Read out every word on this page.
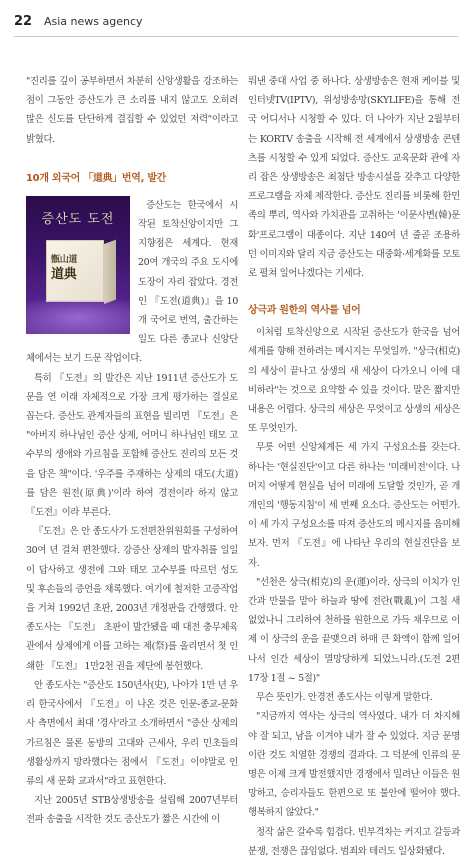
22 Asia news agency

"진리를 깊이 공부하면서 차분히 신앙생활을 강조하는 점이 그동안 증산도가 큰 소리를 내지 않고도 오히려 많은 신도를 단단하게 결집할 수 있었던 저력"이라고 밝혔다.

10개 외국어 「道典」번역, 발간
증산도 도전
甑山道
道典

증산도는 한국에서 시작된 토착신앙이지만 그 지향점은 세계다. 현재 20여 개국의 주요 도시에 도장이 자리 잡았다. 경전인 『도전(道典)』을 10개 국어로 번역, 출간하는 일도 다른 종교나 신앙단체에서는 보기 드문 작업이다.

특히 『도전』의 발간은 지난 1911년 증산도가 도문을 연 이래 자체적으로 가장 크게 평가하는 결실로 꼽는다. 증산도 관계자들의 표현을 빌리면 『도전』은 "아버지 하나님인 증산 상제, 어머니 하나님인 태모 고수부의 생애와 가르침을 포함해 증산도 진리의 모든 것을 담은 책"이다. '우주를 주재하는 상제의 대도(大道)를 담은 원전(原典)'이라 하여 경전이라 하지 않고 『도전』이라 부른다.

『도전』은 안 종도사가 도전편찬위원회를 구성하여 30여 년 걸쳐 편찬했다. 강증산 상제의 발자취를 일일이 답사하고 생전에 그와 태모 고수부를 따르던 성도 및 후손들의 증언을 채록했다. 여기에 철저한 고증작업을 거쳐 1992년 초판, 2003년 개정판을 간행했다. 안 종도사는 『도전』 초판이 발간됐을 때 대전 충무체육관에서 상제에게 이를 고하는 제(祭)를 올리면서 첫 인쇄한 『도전』 1만2천 권을 제단에 봉헌했다.

안 종도사는 "증산도 150년사(史), 나아가 1만 년 우리 한국사에서 『도전』이 나온 것은 인문-종교-문화사 측면에서 최대 '경사'라고 소개하면서 "증산 상제의 가르침은 물론 동방의 고대와 근세사, 우리 민초들의 생활상까지 망라했다는 점에서 『도전』이야말로 인류의 새 문화 교과서"라고 표현한다.

지난 2005년 STB상생방송을 설립해 2007년부터 전파 송출을 시작한 것도 증산도가 짧은 시간에 이

뤄낸 중대 사업 중 하나다. 상생방송은 현재 케이블 및 인터넷TV(IPTV), 위성방송망(SKYLIFE)을 통해 전국 어디서나 시청할 수 있다. 더 나아가 지난 2월부터는 KORTV 송출을 시작해 전 세계에서 상생방송 콘텐츠를 시청할 수 있게 되었다. 증산도 교육문화 관에 자리 잡은 상생방송은 최첨단 방송시설을 갖추고 다양한 프로그램을 자체 제작한다. 증산도 진리를 비롯해 한민족의 뿌리, 역사와 가치관을 고취하는 '이문사변(韓)문화'프로그램이 대종이다. 지난 140여 년 줄곧 조용하던 이미지와 달리 지금 증산도는 대중화·세계화를 모토로 펼쳐 일어나겠다는 기세다.

상극과 원한의 역사를 넘어

이처럼 토착신앙으로 시작된 증산도가 한국을 넘어 세계를 향해 전하려는 메시지는 무엇일까. "상극(相克)의 세상이 끝나고 상생의 새 세상이 다가오니 이에 대비하라"는 것으로 요약할 수 있을 것이다. 말은 짧지만 내용은 어렵다. 상극의 세상은 무엇이고 상생의 세상은 또 무엇인가.

무릇 어떤 신앙체계든 세 가지 구성요소를 갖는다. 하나는 '현실진단'이고 다른 하나는 '미래비전'이다. 나머지 어떻게 현실을 넘어 미래에 도달할 것인가, 곧 개개인의 '행동지침'이 세 번째 요소다. 증산도는 어떤가. 이 세 가지 구성요소를 따져 증산도의 메시지를 음미해 보자. 먼저 『도전』에 나타난 우리의 현실진단을 보자.

"선천은 상극(相克)의 운(運)이라. 상극의 이치가 인간과 만물을 맡아 하늘과 땅에 전란(戰亂)이 그칠 새 없었나니 그리하여 천하를 원한으로 가득 채우므로 이제 이 상극의 운을 끝맺으려 하매 큰 화액이 함께 일어나서 인간 세상이 멸망당하게 되었느니라.(도전 2편 17장 1절 ~ 5절)"

무슨 뜻인가. 안경전 종도사는 이렇게 말한다.

"지금까지 역사는 상극의 역사였다. 내가 더 차지해야 잘 되고, 남을 이겨야 내가 잘 수 있었다. 지금 문명이란 것도 치열한 경쟁의 결과다. 그 덕분에 인류의 문명은 이제 크게 발전했지만 경쟁에서 밀려난 이들은 원망하고, 승리자들도 한편으로 또 불안에 떨어야 했다. 행복하지 않았다."

정작 삶은 갈수록 힘겹다. 빈부격차는 커지고 갈등과 분쟁, 전쟁은 끊임없다. 범죄와 테러도 일상화됐다.
